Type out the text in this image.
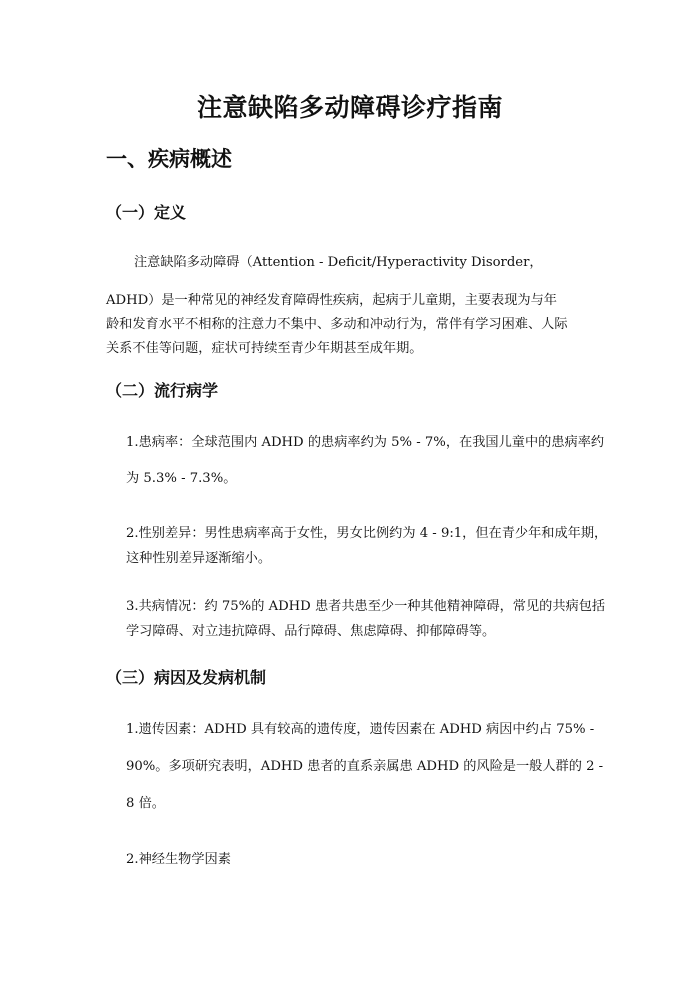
注意缺陷多动障碍诊疗指南
一、疾病概述
（一）定义

注意缺陷多动障碍（Attention - Deficit/Hyperactivity Disorder，

ADHD）是一种常见的神经发育障碍性疾病，起病于儿童期，主要表现为与年

龄和发育水平不相称的注意力不集中、多动和冲动行为，常伴有学习困难、人际

关系不佳等问题，症状可持续至青少年期甚至成年期。

（二）流行病学

1.患病率：全球范围内 ADHD 的患病率约为 5% - 7%，在我国儿童中的患病率约

为 5.3% - 7.3%。

2.性别差异：男性患病率高于女性，男女比例约为 4 - 9:1，但在青少年和成年期，

这种性别差异逐渐缩小。

3.共病情况：约 75%的 ADHD 患者共患至少一种其他精神障碍，常见的共病包括

学习障碍、对立违抗障碍、品行障碍、焦虑障碍、抑郁障碍等。

（三）病因及发病机制

1.遗传因素：ADHD 具有较高的遗传度，遗传因素在 ADHD 病因中约占 75% -

90%。多项研究表明，ADHD 患者的直系亲属患 ADHD 的风险是一般人群的 2 -

8 倍。

2.神经生物学因素
